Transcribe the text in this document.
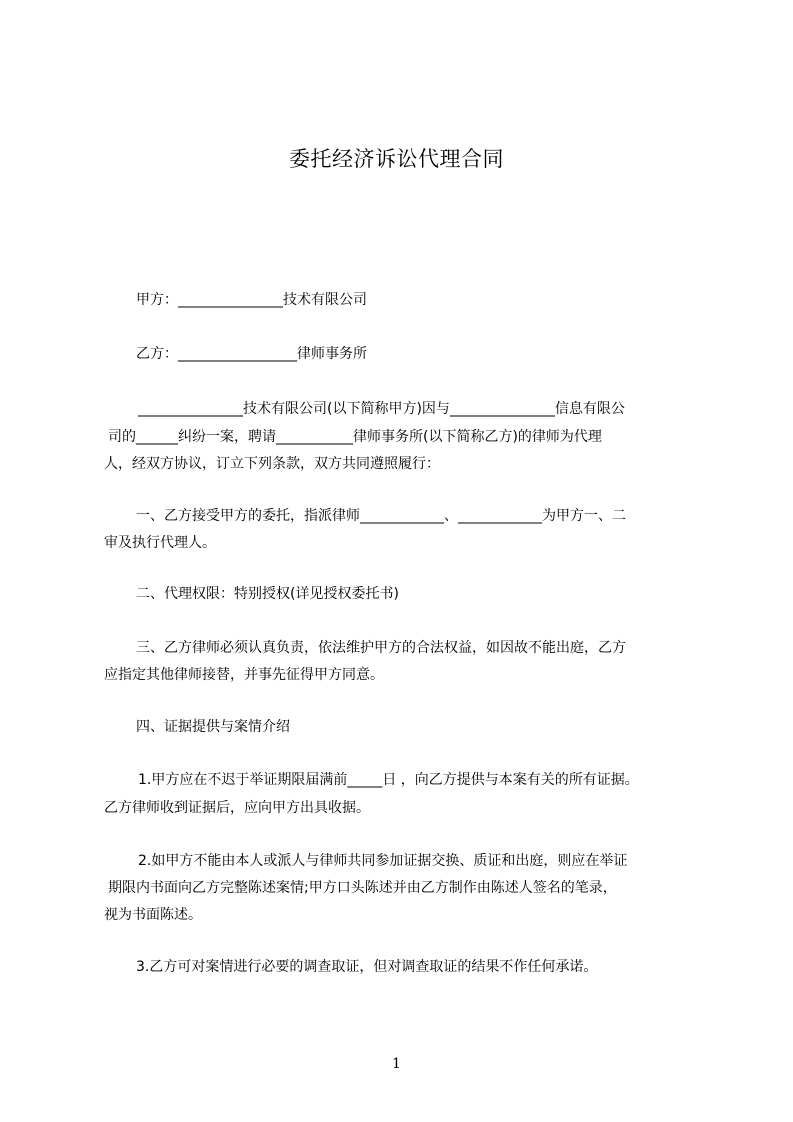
委托经济诉讼代理合同
甲方：_______________技术有限公司
乙方：_________________律师事务所
_______________技术有限公司(以下简称甲方)因与_______________信息有限公
司的______纠纷一案，聘请___________律师事务所(以下简称乙方)的律师为代理
人，经双方协议，订立下列条款，双方共同遵照履行：
一、乙方接受甲方的委托，指派律师____________、____________为甲方一、二
审及执行代理人。
二、代理权限：特别授权(详见授权委托书)
三、乙方律师必须认真负责，依法维护甲方的合法权益，如因故不能出庭，乙方
应指定其他律师接替，并事先征得甲方同意。
四、证据提供与案情介绍
1.甲方应在不迟于举证期限届满前_____日 ，向乙方提供与本案有关的所有证据。
乙方律师收到证据后，应向甲方出具收据。
2.如甲方不能由本人或派人与律师共同参加证据交换、质证和出庭，则应在举证
期限内书面向乙方完整陈述案情;甲方口头陈述并由乙方制作由陈述人签名的笔录，
视为书面陈述。
3.乙方可对案情进行必要的调查取证，但对调查取证的结果不作任何承诺。
1
